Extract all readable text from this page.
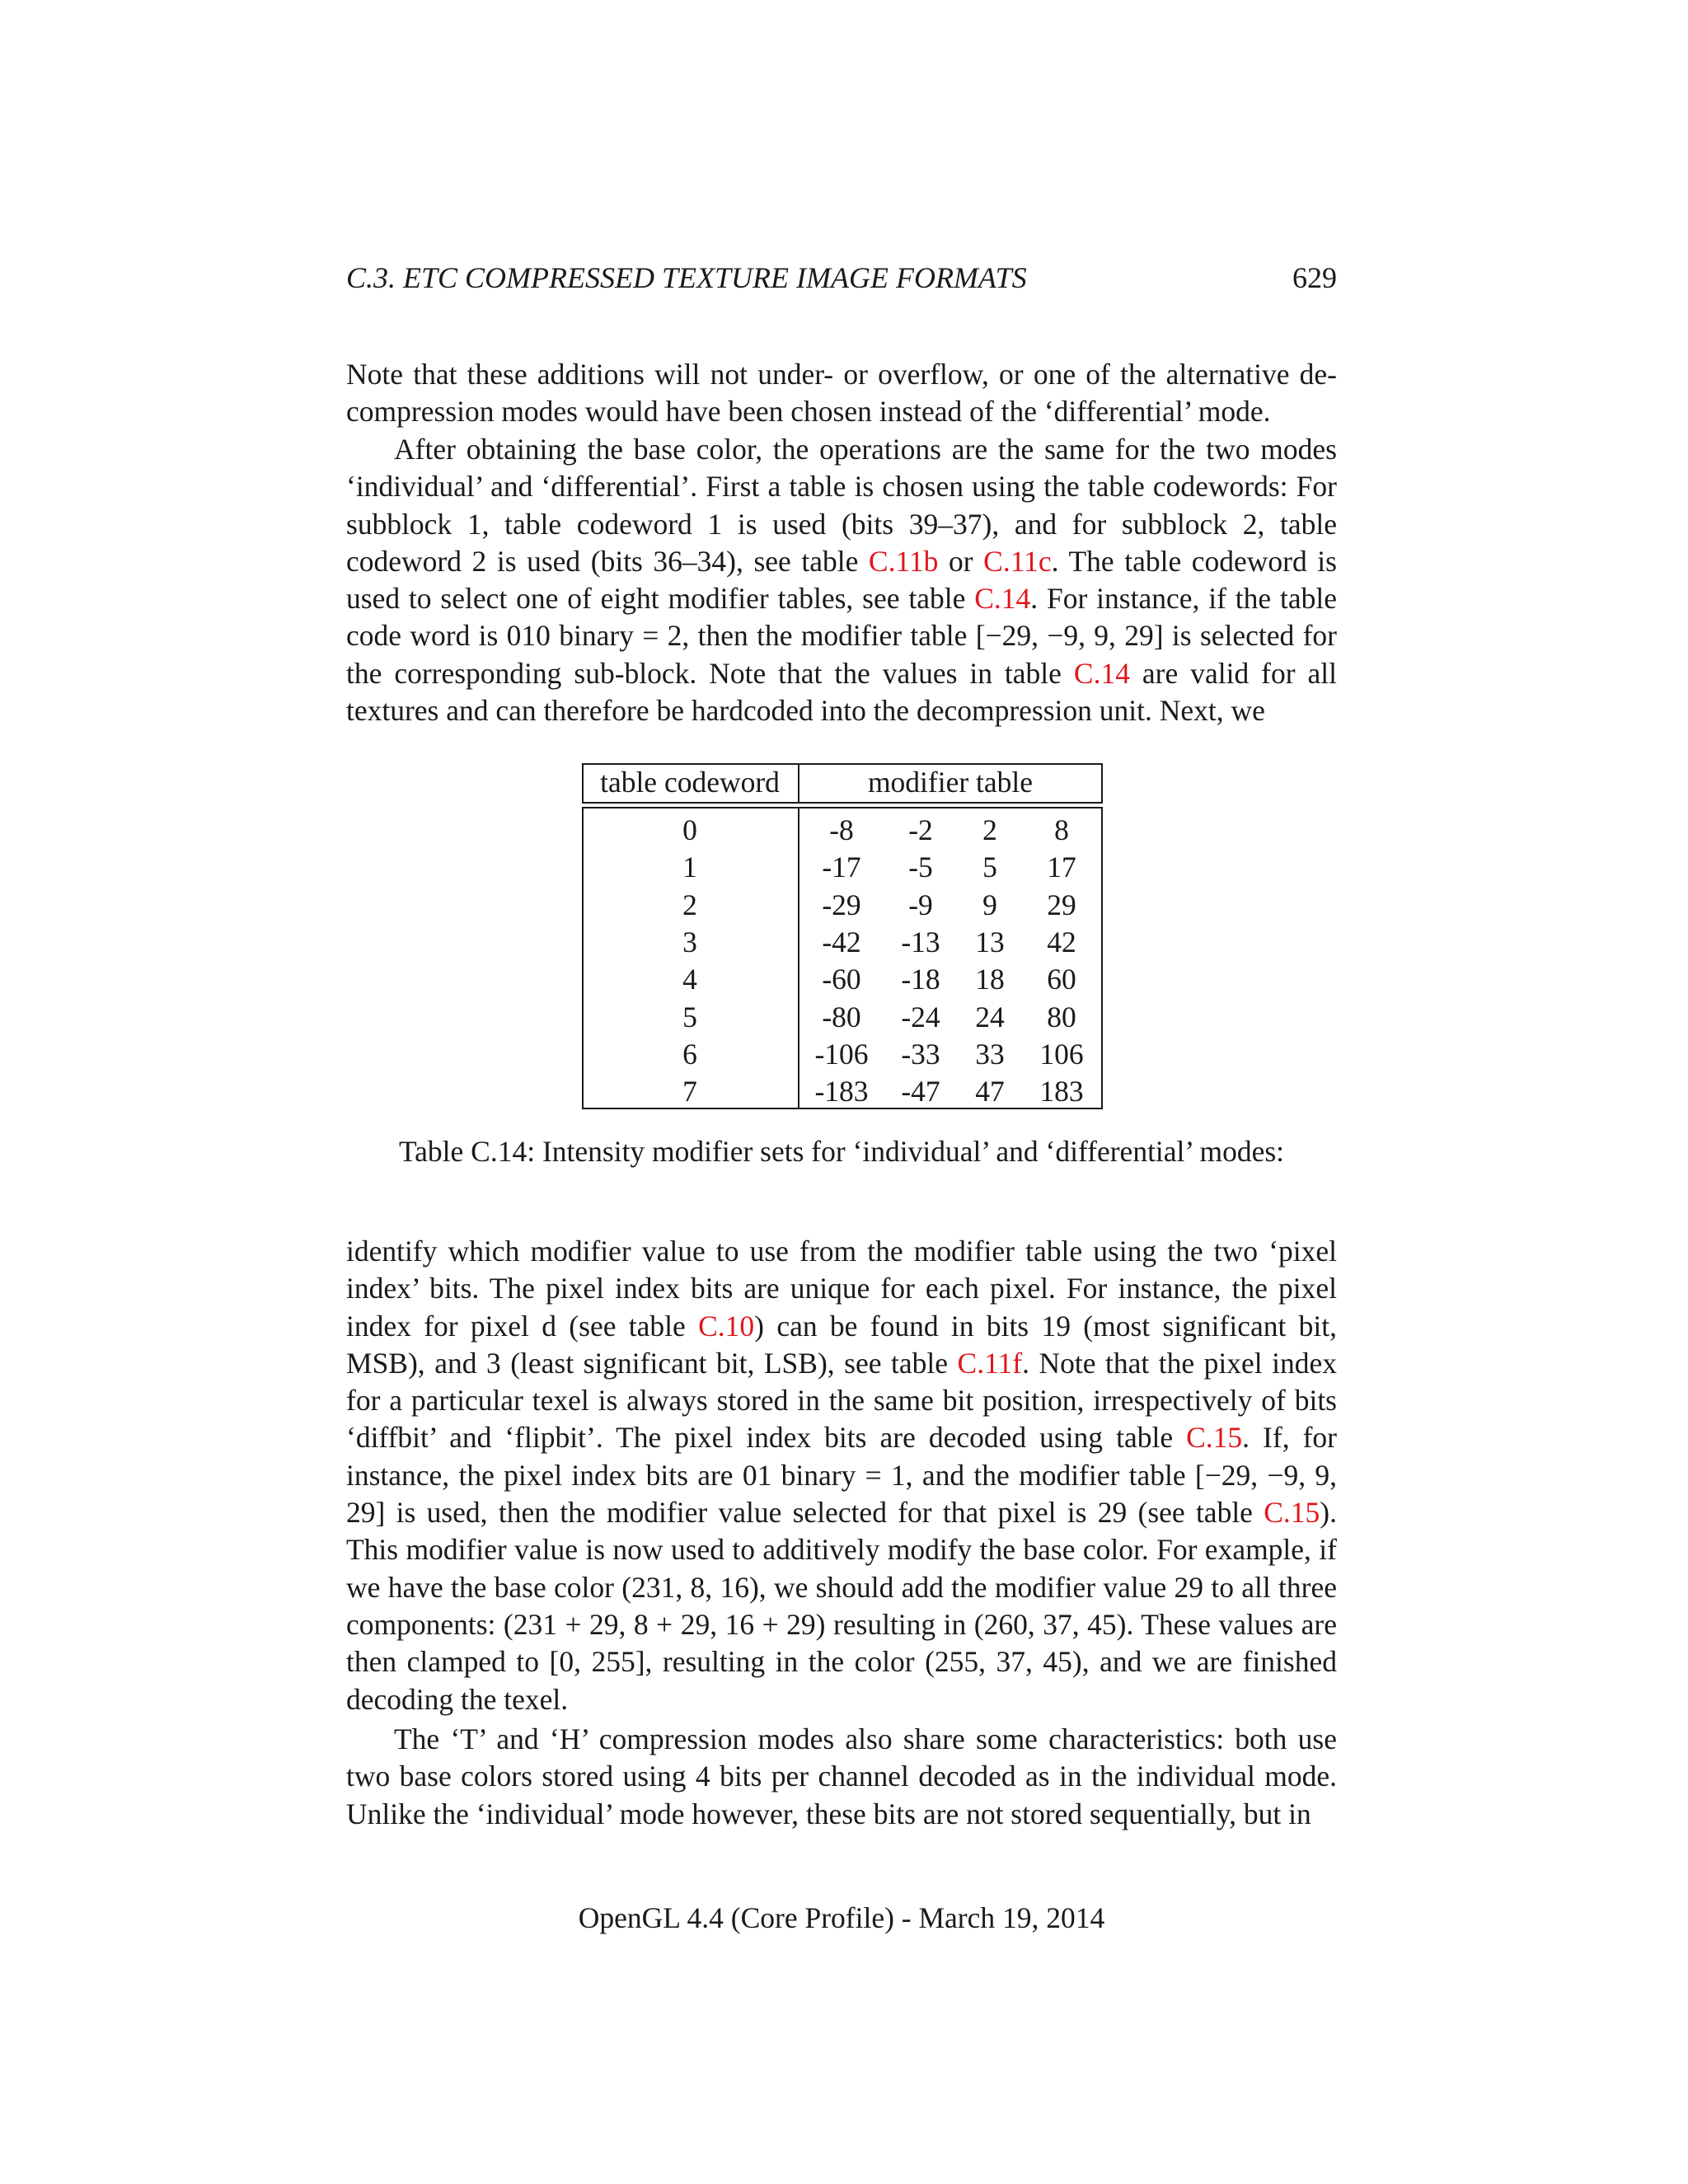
C.3. ETC COMPRESSED TEXTURE IMAGE FORMATS	629

Note that these additions will not under- or overflow, or one of the alternative de-compression modes would have been chosen instead of the ‘differential’ mode.

After obtaining the base color, the operations are the same for the two modes ‘individual’ and ‘differential’. First a table is chosen using the table codewords: For subblock 1, table codeword 1 is used (bits 39–37), and for subblock 2, table codeword 2 is used (bits 36–34), see table C.11b or C.11c. The table codeword is used to select one of eight modifier tables, see table C.14. For instance, if the table code word is 010 binary = 2, then the modifier table [−29, −9, 9, 29] is selected for the corresponding sub-block. Note that the values in table C.14 are valid for all textures and can therefore be hardcoded into the decompression unit. Next, we

table codeword	modifier table
0	-8	-2	2	8
1	-17	-5	5	17
2	-29	-9	9	29
3	-42	-13	13	42
4	-60	-18	18	60
5	-80	-24	24	80
6	-106	-33	33	106
7	-183	-47	47	183
Table C.14: Intensity modifier sets for ‘individual’ and ‘differential’ modes:

identify which modifier value to use from the modifier table using the two ‘pixel index’ bits. The pixel index bits are unique for each pixel. For instance, the pixel index for pixel d (see table C.10) can be found in bits 19 (most significant bit, MSB), and 3 (least significant bit, LSB), see table C.11f. Note that the pixel index for a particular texel is always stored in the same bit position, irrespectively of bits ‘diffbit’ and ‘flipbit’. The pixel index bits are decoded using table C.15. If, for instance, the pixel index bits are 01 binary = 1, and the modifier table [−29, −9, 9, 29] is used, then the modifier value selected for that pixel is 29 (see table C.15). This modifier value is now used to additively modify the base color. For example, if we have the base color (231, 8, 16), we should add the modifier value 29 to all three components: (231 + 29, 8 + 29, 16 + 29) resulting in (260, 37, 45). These values are then clamped to [0, 255], resulting in the color (255, 37, 45), and we are finished decoding the texel.

The ‘T’ and ‘H’ compression modes also share some characteristics: both use two base colors stored using 4 bits per channel decoded as in the individual mode. Unlike the ‘individual’ mode however, these bits are not stored sequentially, but in

OpenGL 4.4 (Core Profile) - March 19, 2014
